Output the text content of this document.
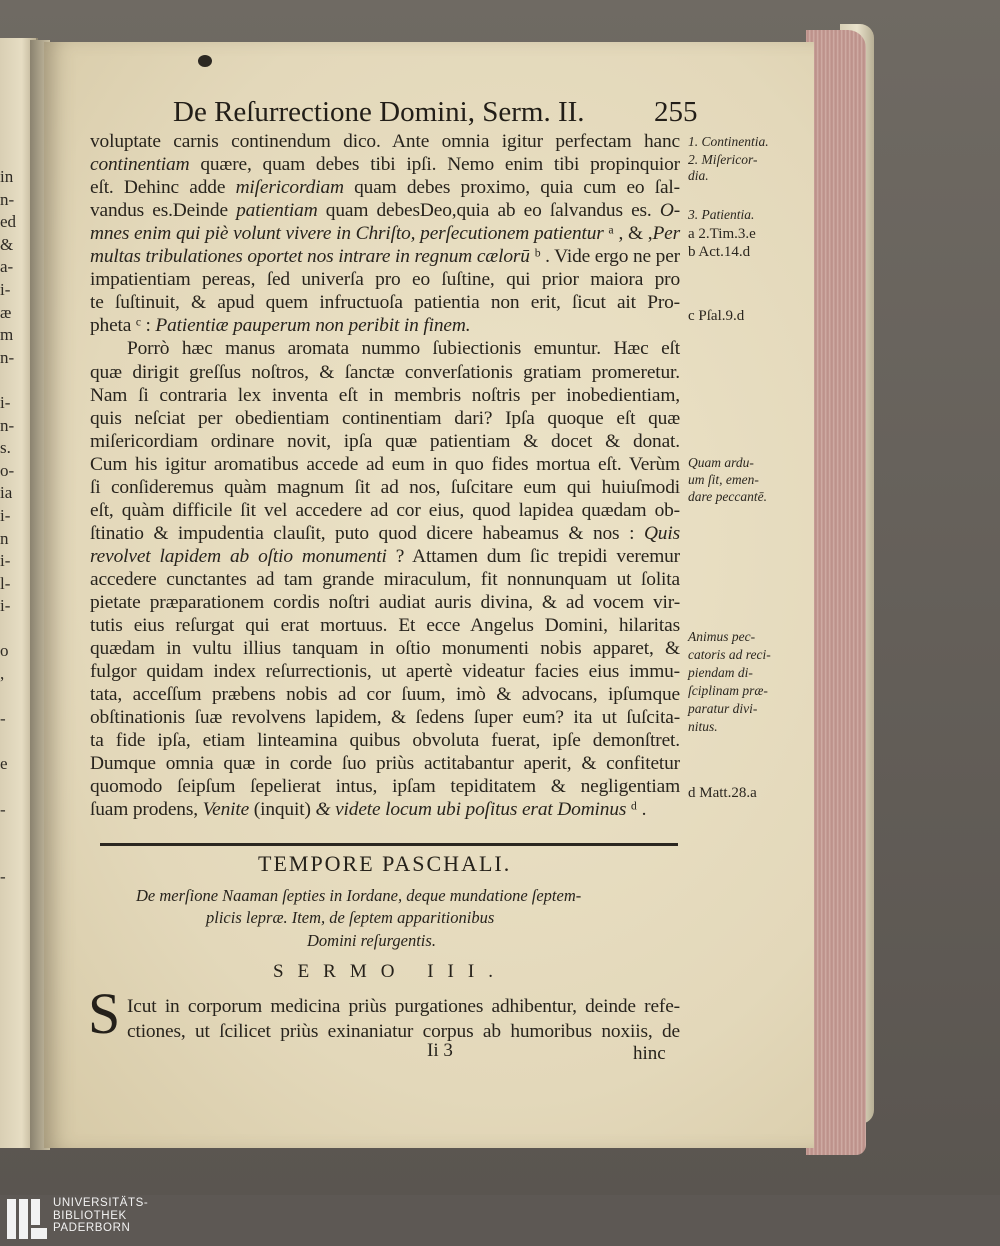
in
n-
ed
&
a-
i-
æ
m
n-
i-
n-
s.
o-
ia
i-
n
i-
l-
i-
o
,
-
e
-
-
De Reſurrectione Domini, Serm. II. 255
voluptate carnis continendum dico. Ante omnia igitur perfectam hanc
continentiam quære, quam debes tibi ipſi. Nemo enim tibi propinquior
eſt. Dehinc adde miſericordiam quam debes proximo, quia cum eo ſal-
vandus es.Deinde patientiam quam debesDeo,quia ab eo ſalvandus es. O-
mnes enim qui piè volunt vivere in Chriſto, perſecutionem patientur ᵃ , & ,Per
multas tribulationes oportet nos intrare in regnum cælorū ᵇ . Vide ergo ne per
impatientiam pereas, ſed univerſa pro eo ſuſtine, qui prior maiora pro
te ſuſtinuit, & apud quem infructuoſa patientia non erit, ſicut ait Pro-
pheta ᶜ : Patientiæ pauperum non peribit in finem.
Porrò hæc manus aromata nummo ſubiectionis emuntur. Hæc eſt
quæ dirigit greſſus noſtros, & ſanctæ converſationis gratiam promeretur.
Nam ſi contraria lex inventa eſt in membris noſtris per inobedientiam,
quis neſciat per obedientiam continentiam dari? Ipſa quoque eſt quæ
miſericordiam ordinare novit, ipſa quæ patientiam & docet & donat.
Cum his igitur aromatibus accede ad eum in quo fides mortua eſt. Verùm
ſi conſideremus quàm magnum ſit ad nos, ſuſcitare eum qui huiuſmodi
eſt, quàm difficile ſit vel accedere ad cor eius, quod lapidea quædam ob-
ſtinatio & impudentia clauſit, puto quod dicere habeamus & nos : Quis
revolvet lapidem ab oſtio monumenti ? Attamen dum ſic trepidi veremur
accedere cunctantes ad tam grande miraculum, fit nonnunquam ut ſolita
pietate præparationem cordis noſtri audiat auris divina, & ad vocem vir-
tutis eius reſurgat qui erat mortuus. Et ecce Angelus Domini, hilaritas
quædam in vultu illius tanquam in oſtio monumenti nobis apparet, &
fulgor quidam index reſurrectionis, ut apertè videatur facies eius immu-
tata, acceſſum præbens nobis ad cor ſuum, imò & advocans, ipſumque
obſtinationis ſuæ revolvens lapidem, & ſedens ſuper eum? ita ut ſuſcita-
ta fide ipſa, etiam linteamina quibus obvoluta fuerat, ipſe demonſtret.
Dumque omnia quæ in corde ſuo priùs actitabantur aperit, & confitetur
quomodo ſeipſum ſepelierat intus, ipſam tepiditatem & negligentiam
ſuam prodens, Venite (inquit) & videte locum ubi poſitus erat Dominus ᵈ .
1. Continentia.
2. Miſericor-
dia.
3. Patientia.
a 2.Tim.3.e
b Act.14.d
c Pſal.9.d
Quam ardu-
um ſit, emen-
dare peccantē.
Animus pec-
catoris ad reci-
piendam di-
ſciplinam præ-
paratur divi-
nitus.
d Matt.28.a
TEMPORE PASCHALI.
De merſione Naaman ſepties in Iordane, deque mundatione ſeptem-
plicis lepræ. Item, de ſeptem apparitionibus
Domini reſurgentis.
SERMO III.
S Icut in corporum medicina priùs purgationes adhibentur, deinde refe-
ctiones, ut ſcilicet priùs exinaniatur corpus ab humoribus noxiis, de
Ii 3	hinc
UNIVERSITÄTS-
BIBLIOTHEK
PADERBORN
